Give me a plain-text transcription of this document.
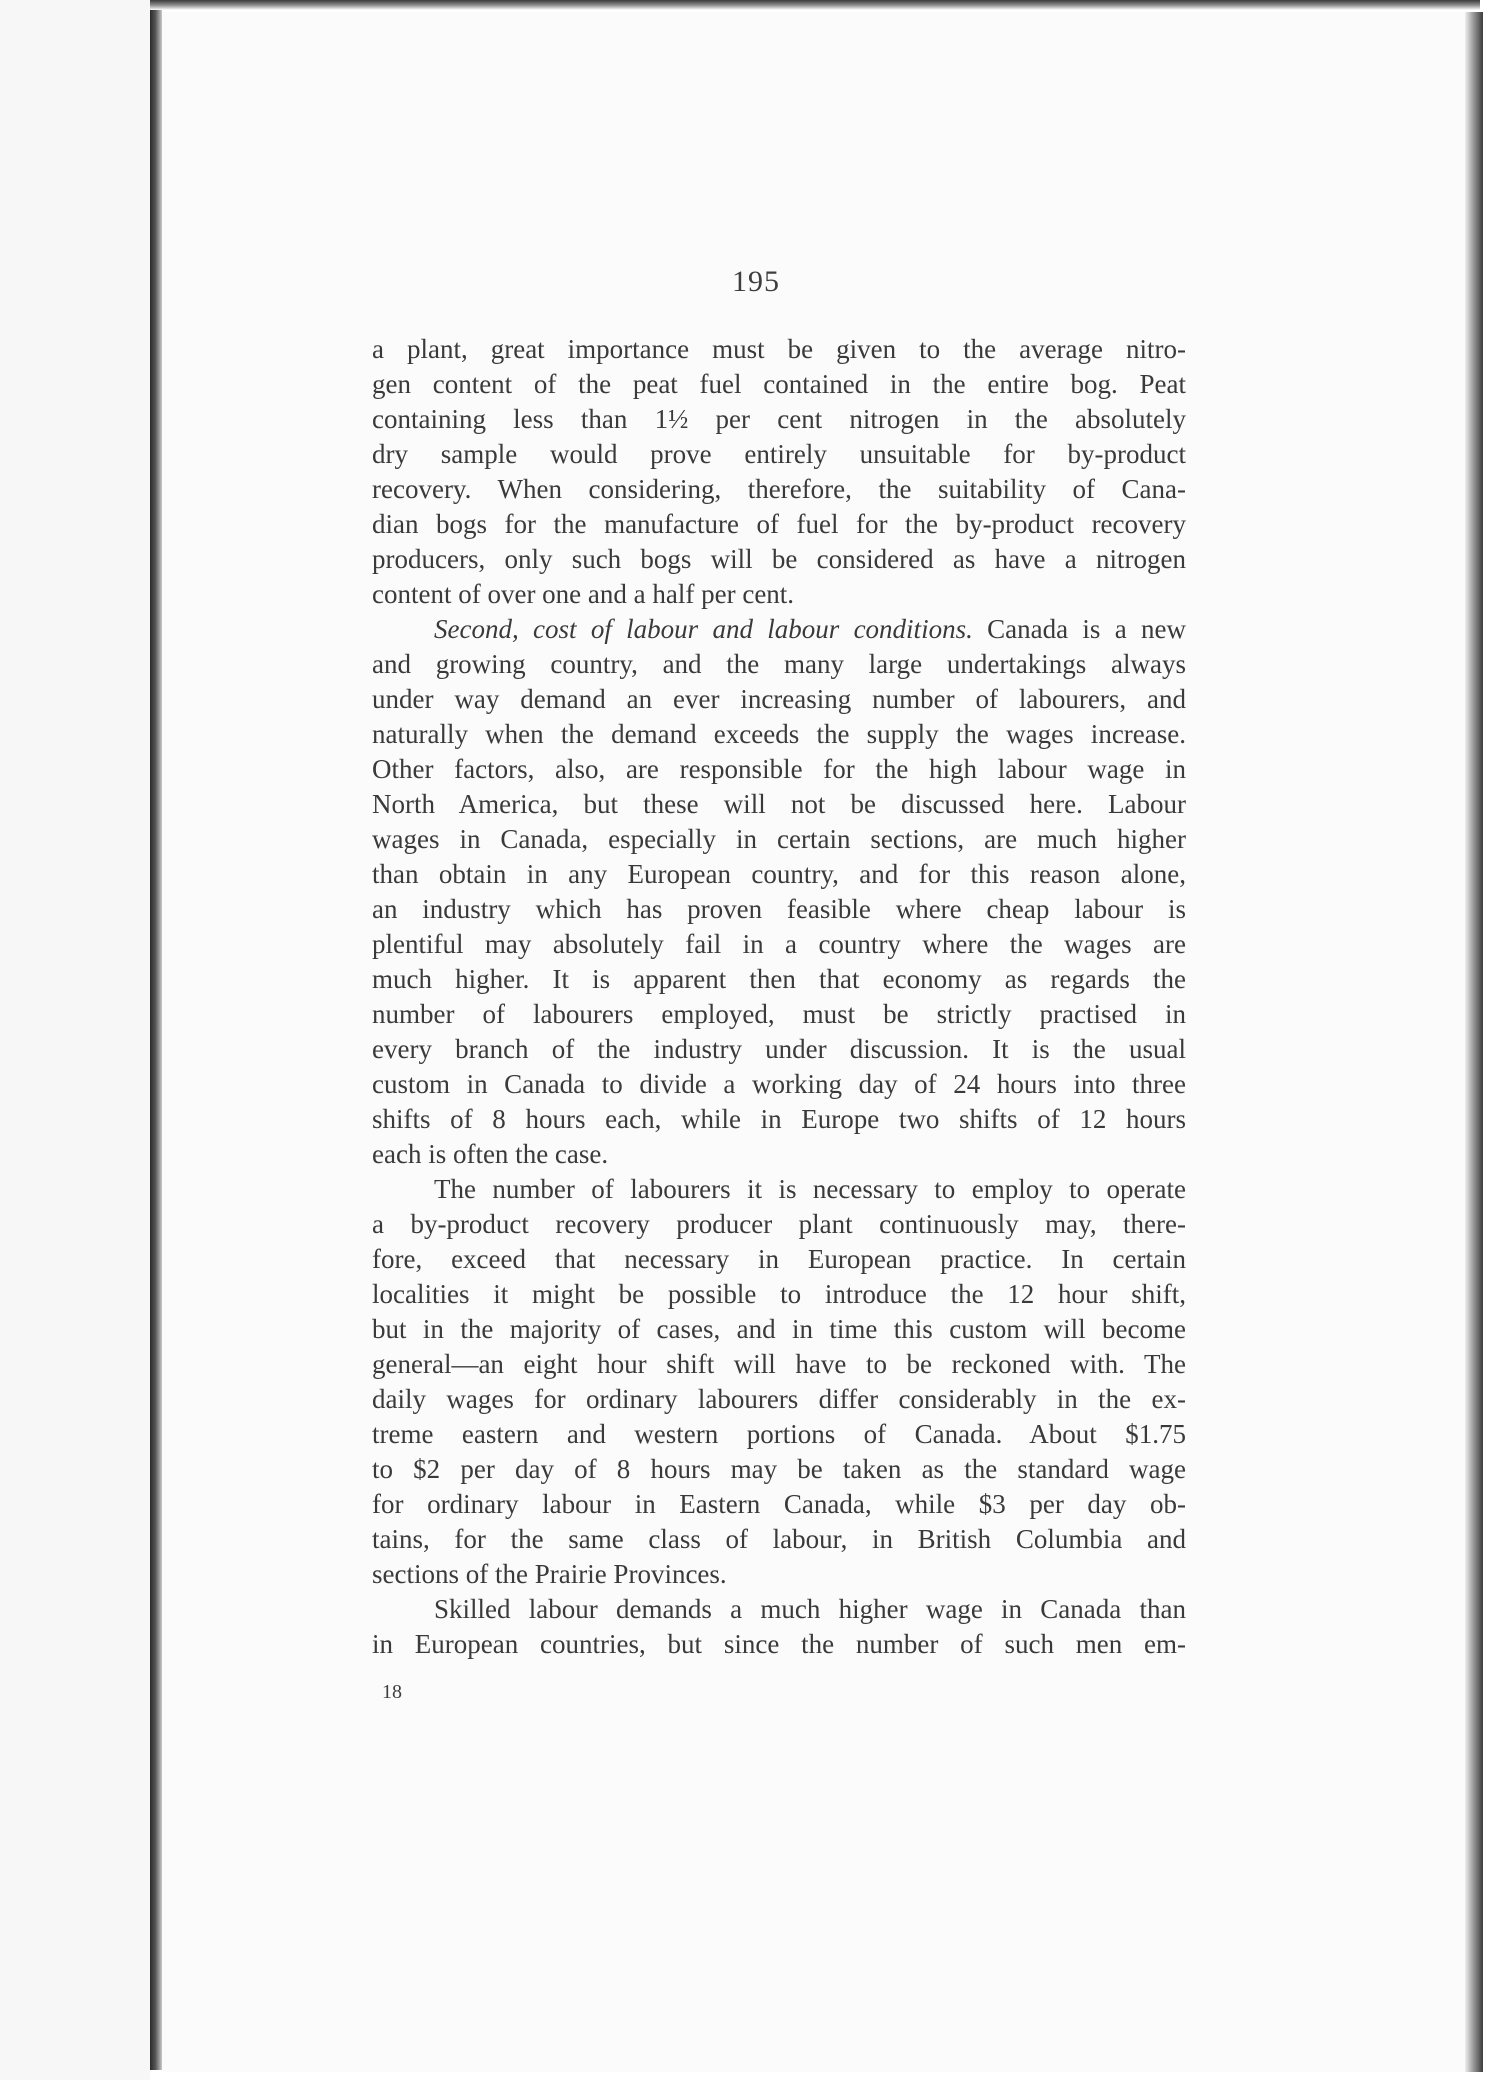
195
a plant, great importance must be given to the average nitro-
gen content of the peat fuel contained in the entire bog. Peat
containing less than 1½ per cent nitrogen in the absolutely
dry sample would prove entirely unsuitable for by-product
recovery. When considering, therefore, the suitability of Cana-
dian bogs for the manufacture of fuel for the by-product recovery
producers, only such bogs will be considered as have a nitrogen
content of over one and a half per cent.
Second, cost of labour and labour conditions. Canada is a new
and growing country, and the many large undertakings always
under way demand an ever increasing number of labourers, and
naturally when the demand exceeds the supply the wages increase.
Other factors, also, are responsible for the high labour wage in
North America, but these will not be discussed here. Labour
wages in Canada, especially in certain sections, are much higher
than obtain in any European country, and for this reason alone,
an industry which has proven feasible where cheap labour is
plentiful may absolutely fail in a country where the wages are
much higher. It is apparent then that economy as regards the
number of labourers employed, must be strictly practised in
every branch of the industry under discussion. It is the usual
custom in Canada to divide a working day of 24 hours into three
shifts of 8 hours each, while in Europe two shifts of 12 hours
each is often the case.
The number of labourers it is necessary to employ to operate
a by-product recovery producer plant continuously may, there-
fore, exceed that necessary in European practice. In certain
localities it might be possible to introduce the 12 hour shift,
but in the majority of cases, and in time this custom will become
general—an eight hour shift will have to be reckoned with. The
daily wages for ordinary labourers differ considerably in the ex-
treme eastern and western portions of Canada. About $1.75
to $2 per day of 8 hours may be taken as the standard wage
for ordinary labour in Eastern Canada, while $3 per day ob-
tains, for the same class of labour, in British Columbia and
sections of the Prairie Provinces.
Skilled labour demands a much higher wage in Canada than
in European countries, but since the number of such men em-
18
